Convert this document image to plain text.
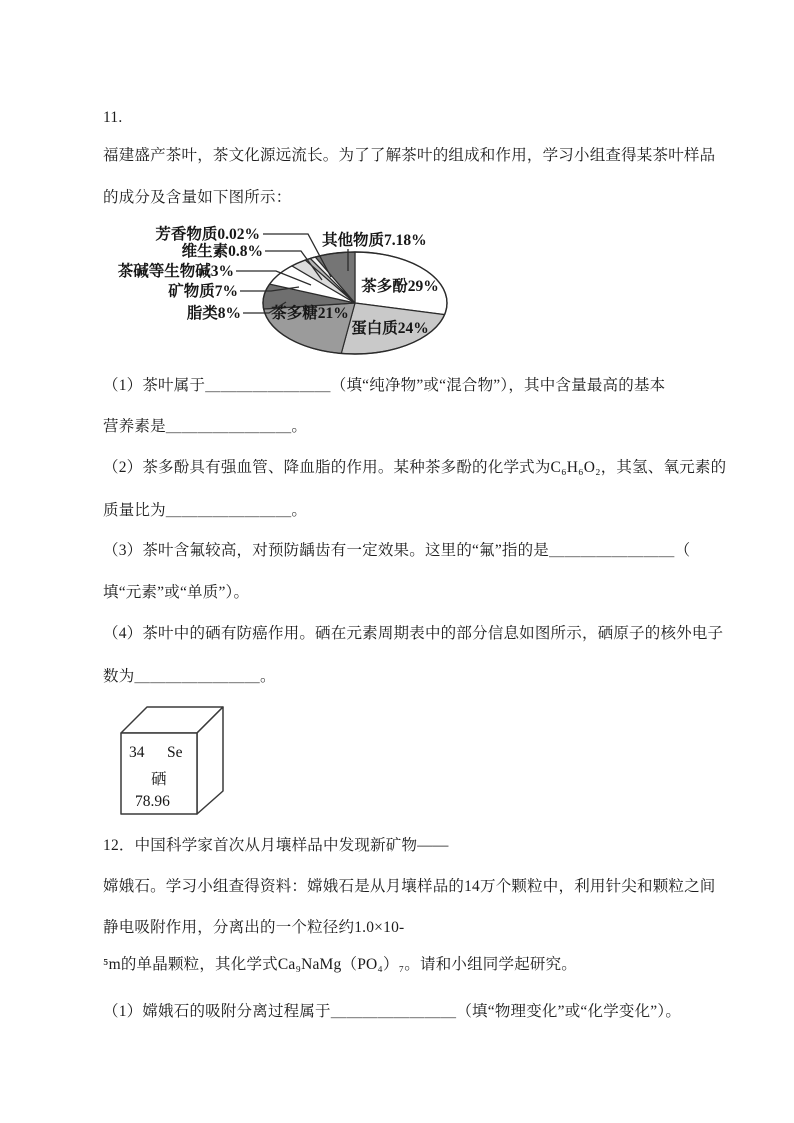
11.
福建盛产茶叶，茶文化源远流长。为了了解茶叶的组成和作用，学习小组查得某茶叶样品
的成分及含量如下图所示：
茶多酚29%
蛋白质24%
茶多糖21%
其他物质7.18%
芳香物质0.02%
维生素0.8%
茶碱等生物碱3%
矿物质7%
脂类8%
（1）茶叶属于＿＿＿＿＿＿＿＿（填“纯净物”或“混合物”），其中含量最高的基本
营养素是＿＿＿＿＿＿＿＿。
（2）茶多酚具有强血管、降血脂的作用。某种茶多酚的化学式为C₆H₆O₂，其氢、氧元素的
质量比为＿＿＿＿＿＿＿＿。
（3）茶叶含氟较高，对预防龋齿有一定效果。这里的“氟”指的是＿＿＿＿＿＿＿＿（
填“元素”或“单质”）。
（4）茶叶中的硒有防癌作用。硒在元素周期表中的部分信息如图所示，硒原子的核外电子
数为＿＿＿＿＿＿＿＿。
34 Se
硒
78.96
12．中国科学家首次从月壤样品中发现新矿物——
嫦娥石。学习小组查得资料：嫦娥石是从月壤样品的14万个颗粒中，利用针尖和颗粒之间
静电吸附作用，分离出的一个粒径约1.0×10-
⁵m的单晶颗粒，其化学式Ca₉NaMg（PO₄）₇。请和小组同学起研究。
（1）嫦娥石的吸附分离过程属于＿＿＿＿＿＿＿＿（填“物理变化”或“化学变化”）。
